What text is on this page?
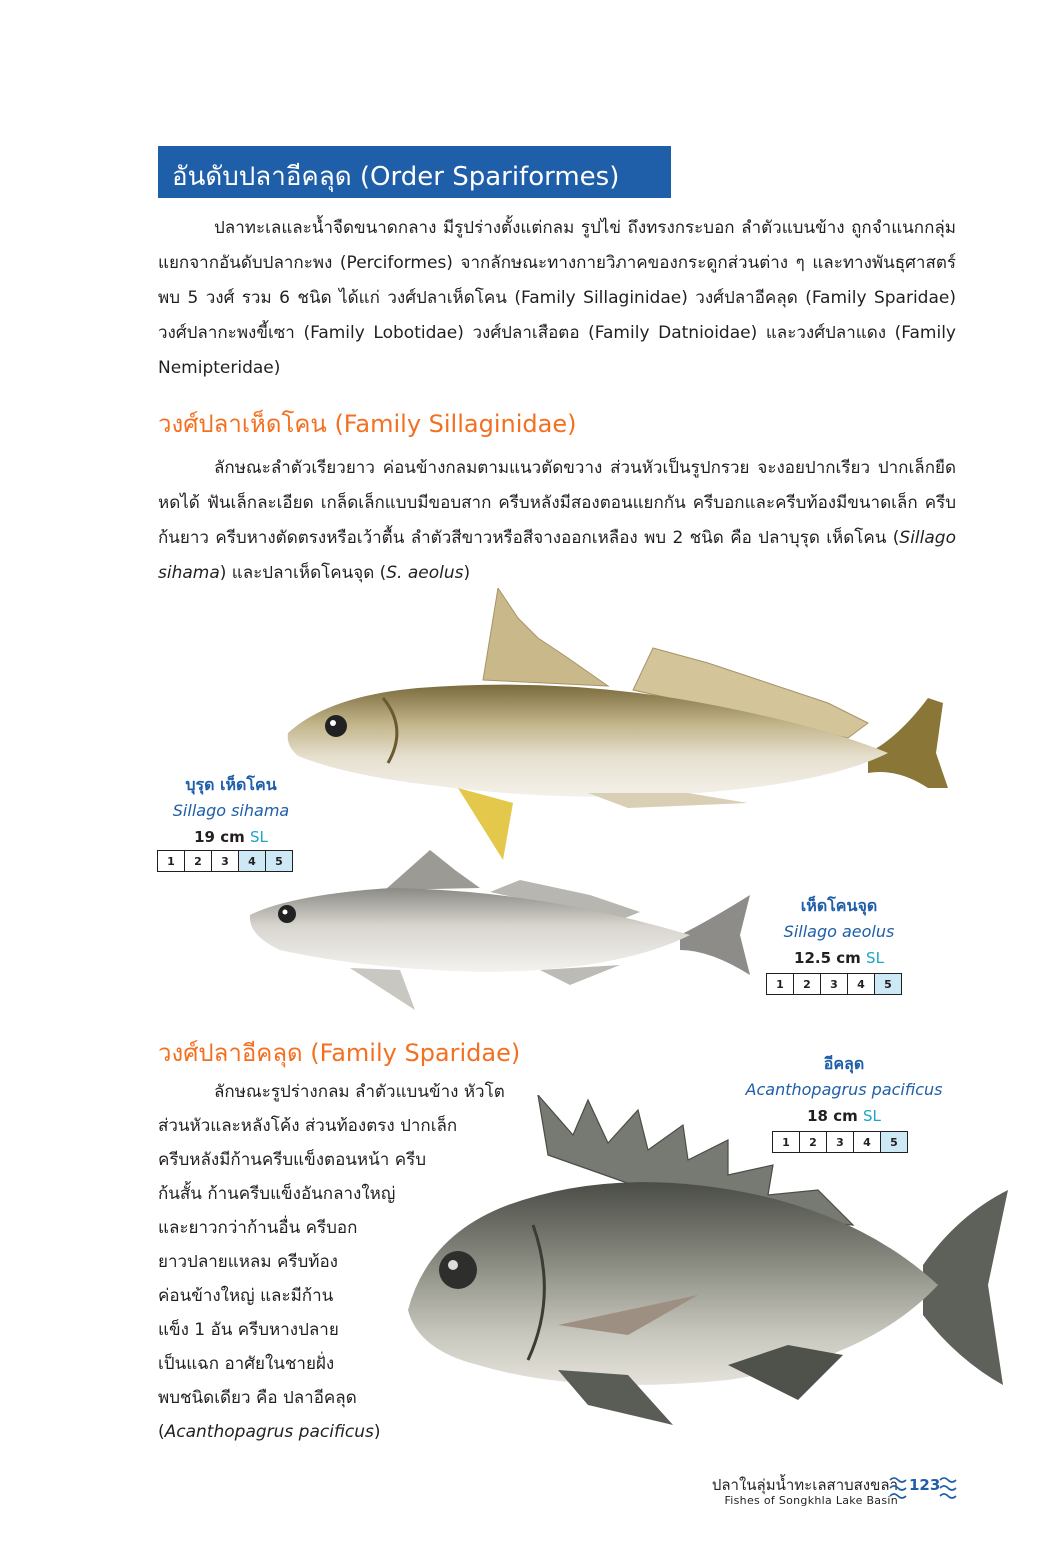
อันดับปลาอีคลุด (Order Spariformes)

ปลาทะเลและน้ำจืดขนาดกลาง มีรูปร่างตั้งแต่กลม รูปไข่ ถึงทรงกระบอก ลำตัวแบนข้าง ถูกจำแนกกลุ่มแยกจากอันดับปลากะพง (Perciformes) จากลักษณะทางกายวิภาคของกระดูกส่วนต่าง ๆ และทางพันธุศาสตร์ พบ 5 วงศ์ รวม 6 ชนิด ได้แก่ วงศ์ปลาเห็ดโคน (Family Sillaginidae) วงศ์ปลาอีคลุด (Family Sparidae) วงศ์ปลากะพงขี้เซา (Family Lobotidae) วงศ์ปลาเสือตอ (Family Datnioidae) และวงศ์ปลาแดง (Family Nemipteridae)

วงศ์ปลาเห็ดโคน (Family Sillaginidae)

ลักษณะลำตัวเรียวยาว ค่อนข้างกลมตามแนวตัดขวาง ส่วนหัวเป็นรูปกรวย จะงอยปากเรียว ปากเล็กยืดหดได้ ฟันเล็กละเอียด เกล็ดเล็กแบบมีขอบสาก ครีบหลังมีสองตอนแยกกัน ครีบอกและครีบท้องมีขนาดเล็ก ครีบก้นยาว ครีบหางตัดตรงหรือเว้าตื้น ลำตัวสีขาวหรือสีจางออกเหลือง พบ 2 ชนิด คือ ปลาบุรุด เห็ดโคน (Sillago sihama) และปลาเห็ดโคนจุด (S. aeolus)

บุรุด เห็ดโคน
Sillago sihama
19 cm SL
1	2	3	4	5
เห็ดโคนจุด
Sillago aeolus
12.5 cm SL
1	2	3	4	5
วงศ์ปลาอีคลุด (Family Sparidae)

ลักษณะรูปร่างกลม ลำตัวแบนข้าง หัวโต

ส่วนหัวและหลังโค้ง ส่วนท้องตรง ปากเล็ก

ครีบหลังมีก้านครีบแข็งตอนหน้า ครีบ

ก้นสั้น ก้านครีบแข็งอันกลางใหญ่

และยาวกว่าก้านอื่น ครีบอก

ยาวปลายแหลม ครีบท้อง

ค่อนข้างใหญ่ และมีก้าน

แข็ง 1 อัน ครีบหางปลาย

เป็นแฉก อาศัยในชายฝั่ง

พบชนิดเดียว คือ ปลาอีคลุด

(Acanthopagrus pacificus)

อีคลุด
Acanthopagrus pacificus
18 cm SL
1	2	3	4	5
ปลาในลุ่มน้ำทะเลสาบสงขลา
Fishes of Songkhla Lake Basin
123
